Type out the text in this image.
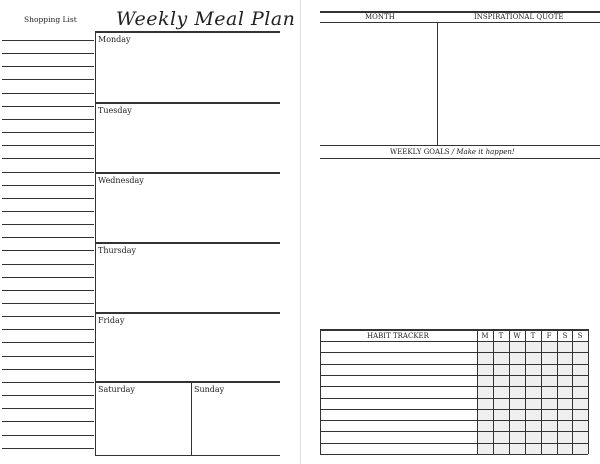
Shopping List Weekly Meal Plan
Monday
Tuesday
Wednesday
Thursday
Friday
Saturday	Sunday
MONTH	INSPIRATIONAL QUOTE
WEEKLY GOALS / Make it happen!
HABIT TRACKER	M	T	W	T	F	S	S
